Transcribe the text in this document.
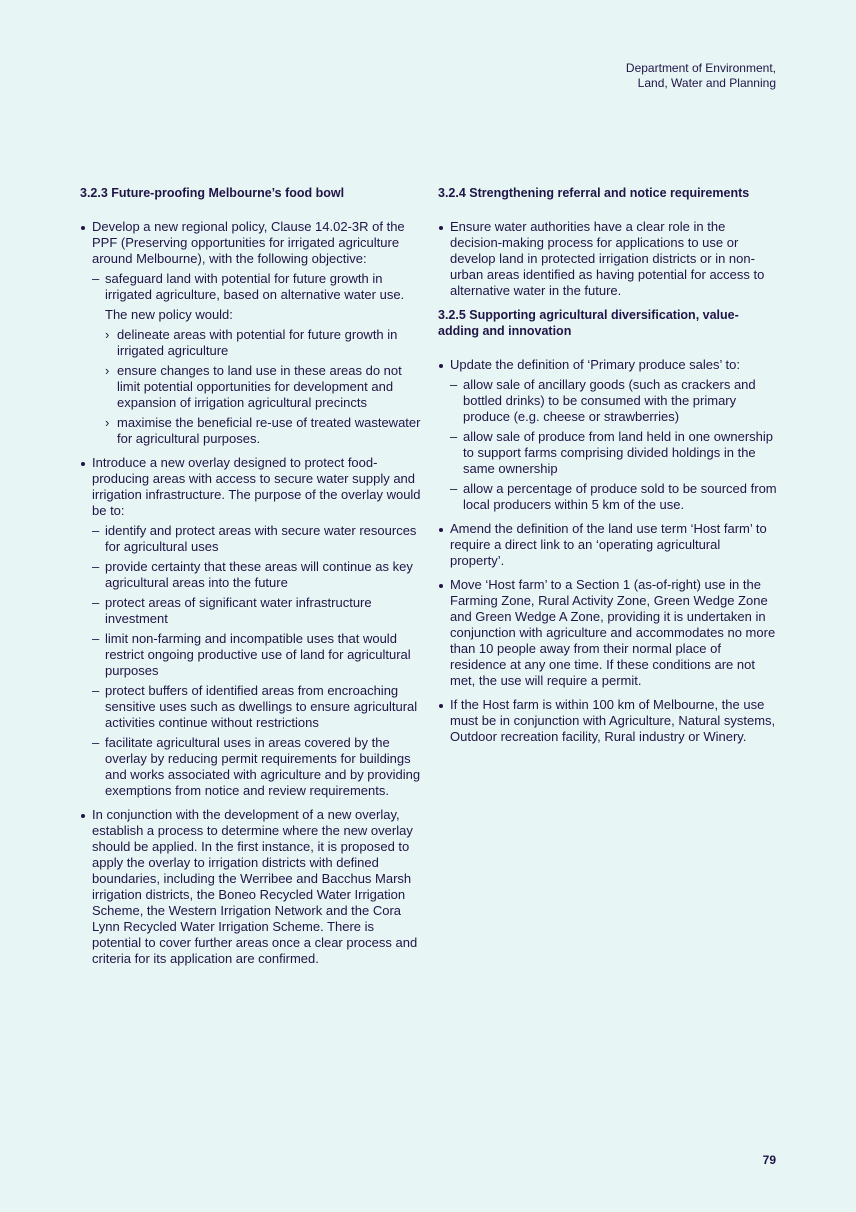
Department of Environment,
Land, Water and Planning
3.2.3 Future-proofing Melbourne’s food bowl
Develop a new regional policy, Clause 14.02-3R of the PPF (Preserving opportunities for irrigated agriculture around Melbourne), with the following objective:
– safeguard land with potential for future growth in irrigated agriculture, based on alternative water use.

The new policy would:

› delineate areas with potential for future growth in irrigated agriculture
› ensure changes to land use in these areas do not limit potential opportunities for development and expansion of irrigation agricultural precincts
› maximise the beneficial re-use of treated wastewater for agricultural purposes.
Introduce a new overlay designed to protect food-producing areas with access to secure water supply and irrigation infrastructure. The purpose of the overlay would be to:
– identify and protect areas with secure water resources for agricultural uses
– provide certainty that these areas will continue as key agricultural areas into the future
– protect areas of significant water infrastructure investment
– limit non-farming and incompatible uses that would restrict ongoing productive use of land for agricultural purposes
– protect buffers of identified areas from encroaching sensitive uses such as dwellings to ensure agricultural activities continue without restrictions
– facilitate agricultural uses in areas covered by the overlay by reducing permit requirements for buildings and works associated with agriculture and by providing exemptions from notice and review requirements.
In conjunction with the development of a new overlay, establish a process to determine where the new overlay should be applied. In the first instance, it is proposed to apply the overlay to irrigation districts with defined boundaries, including the Werribee and Bacchus Marsh irrigation districts, the Boneo Recycled Water Irrigation Scheme, the Western Irrigation Network and the Cora Lynn Recycled Water Irrigation Scheme. There is potential to cover further areas once a clear process and criteria for its application are confirmed.
3.2.4 Strengthening referral and notice requirements
Ensure water authorities have a clear role in the decision-making process for applications to use or develop land in protected irrigation districts or in non-urban areas identified as having potential for access to alternative water in the future.
3.2.5 Supporting agricultural diversification, value-adding and innovation
Update the definition of ‘Primary produce sales’ to:
– allow sale of ancillary goods (such as crackers and bottled drinks) to be consumed with the primary produce (e.g. cheese or strawberries)
– allow sale of produce from land held in one ownership to support farms comprising divided holdings in the same ownership
– allow a percentage of produce sold to be sourced from local producers within 5 km of the use.
Amend the definition of the land use term ‘Host farm’ to require a direct link to an ‘operating agricultural property’.
Move ‘Host farm’ to a Section 1 (as-of-right) use in the Farming Zone, Rural Activity Zone, Green Wedge Zone and Green Wedge A Zone, providing it is undertaken in conjunction with agriculture and accommodates no more than 10 people away from their normal place of residence at any one time. If these conditions are not met, the use will require a permit.
If the Host farm is within 100 km of Melbourne, the use must be in conjunction with Agriculture, Natural systems, Outdoor recreation facility, Rural industry or Winery.
79
